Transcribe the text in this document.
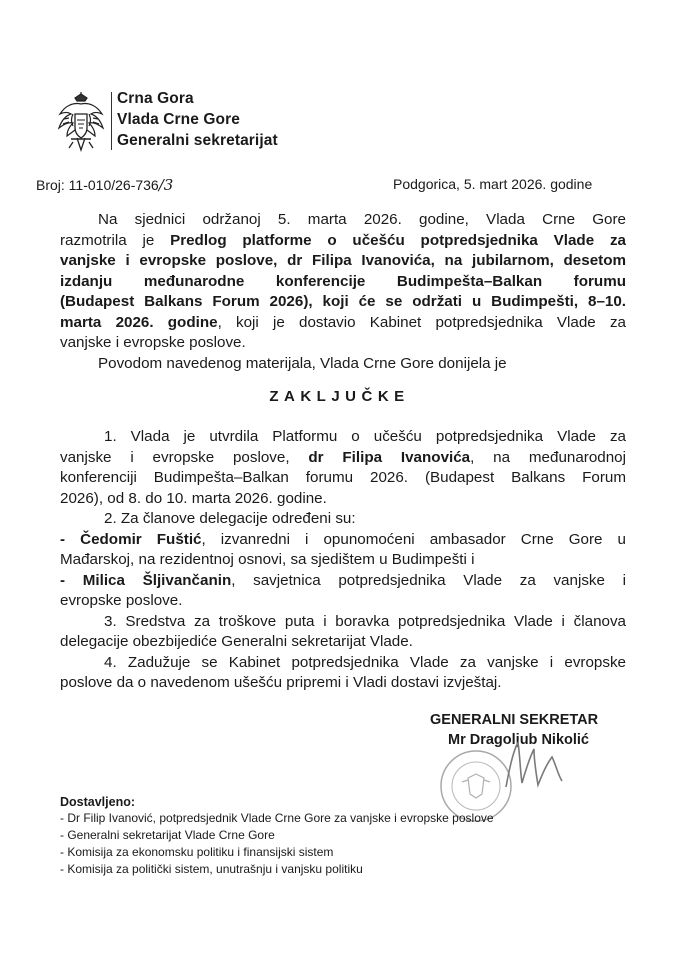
Crna Gora
Vlada Crne Gore
Generalni sekretarijat
Broj: 11-010/26-736/3	Podgorica, 5. mart 2026. godine
Na sjednici održanoj 5. marta 2026. godine, Vlada Crne Gore
razmotrila je Predlog platforme o učešću potpredsjednika Vlade za
vanjske i evropske poslove, dr Filipa Ivanovića, na jubilarnom, desetom
izdanju međunarodne konferencije Budimpešta–Balkan forumu
(Budapest Balkans Forum 2026), koji će se održati u Budimpešti, 8–10.
marta 2026. godine, koji je dostavio Kabinet potpredsjednika Vlade za
vanjske i evropske poslove.
Povodom navedenog materijala, Vlada Crne Gore donijela je
ZAKLJUČKE
1. Vlada je utvrdila Platformu o učešću potpredsjednika Vlade za
vanjske i evropske poslove, dr Filipa Ivanovića, na međunarodnoj
konferenciji Budimpešta–Balkan forumu 2026. (Budapest Balkans Forum
2026), od 8. do 10. marta 2026. godine.
2. Za članove delegacije određeni su:
- Čedomir Fuštić, izvanredni i opunomoćeni ambasador Crne Gore u
Mađarskoj, na rezidentnoj osnovi, sa sjedištem u Budimpešti i
- Milica Šljivančanin, savjetnica potpredsjednika Vlade za vanjske i
evropske poslove.
3. Sredstva za troškove puta i boravka potpredsjednika Vlade i članova
delegacije obezbijediće Generalni sekretarijat Vlade.
4. Zadužuje se Kabinet potpredsjednika Vlade za vanjske i evropske
poslove da o navedenom ušešću pripremi i Vladi dostavi izvještaj.
GENERALNI SEKRETAR
Mr Dragoljub Nikolić
Dostavljeno:
- Dr Filip Ivanović, potpredsjednik Vlade Crne Gore za vanjske i evropske poslove
- Generalni sekretarijat Vlade Crne Gore
- Komisija za ekonomsku politiku i finansijski sistem
- Komisija za politički sistem, unutrašnju i vanjsku politiku
